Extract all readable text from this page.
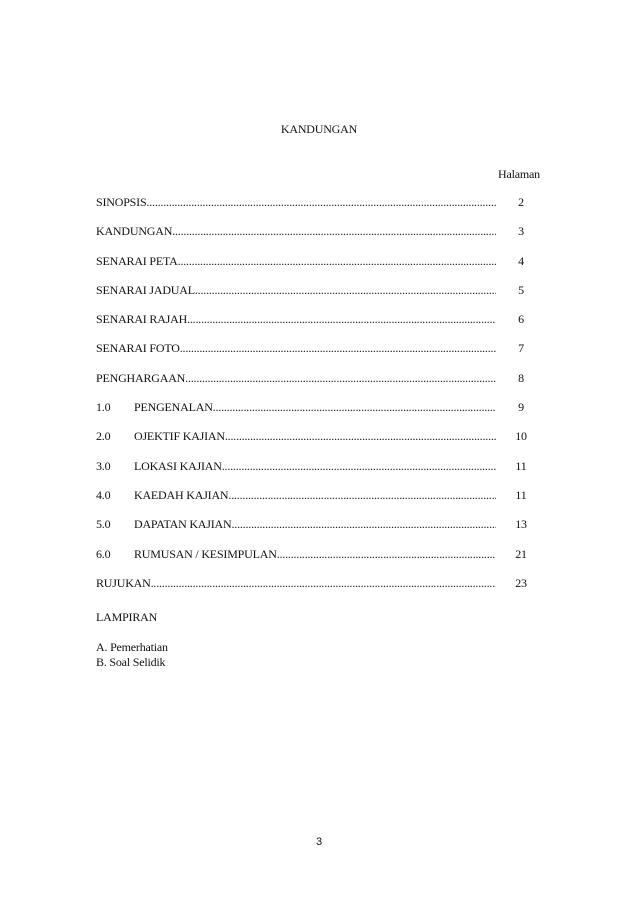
KANDUNGAN
Halaman
SINOPSIS .....	2
KANDUNGAN .....	3
SENARAI PETA .....	4
SENARAI JADUAL .....	5
SENARAI RAJAH .....	6
SENARAI FOTO .....	7
PENGHARGAAN .....	8
1.0	PENGENALAN .....	9
2.0	OJEKTIF KAJIAN .....	10
3.0	LOKASI KAJIAN .....	11
4.0	KAEDAH KAJIAN .....	11
5.0	DAPATAN KAJIAN .....	13
6.0	RUMUSAN / KESIMPULAN .....	21
RUJUKAN .....	23
LAMPIRAN
A. Pemerhatian
B. Soal Selidik
3
